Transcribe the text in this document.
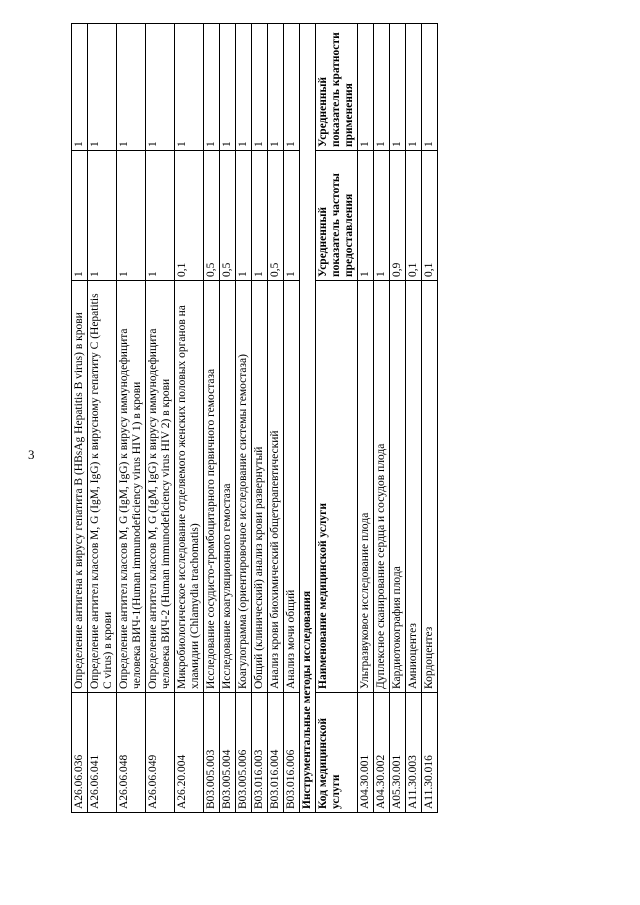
3
A26.06.036	Определение антигена к вирусу гепатита В (HBsAg Hepatitis В virus) в крови	1	1
A26.06.041	Определение антител классов M, G (IgM, IgG) к вирусному гепатиту С (Hepatitis C virus) в крови	1	1
A26.06.048	Определение антител классов M, G (IgM, IgG) к вирусу иммунодефицита человека ВИЧ-1(Human immunodeficiency virus HIV 1) в крови	1	1
A26.06.049	Определение антител классов M, G (IgM, IgG) к вирусу иммунодефицита человека ВИЧ-2 (Human immunodeficiency virus HIV 2) в крови	1	1
A26.20.004	Микробиологическое исследование отделяемого женских половых органов на хламидии (Chlamydia trachomatis)	0,1	1
B03.005.003	Исследование сосудисто-тромбоцитарного первичного гемостаза	0,5	1
B03.005.004	Исследование коагуляционного гемостаза	0,5	1
B03.005.006	Коагулограмма (ориентировочное исследование системы гемостаза)	1	1
B03.016.003	Общий (клинический) анализ крови развернутый	1	1
B03.016.004	Анализ крови биохимический общетерапевтический	0,5	1
B03.016.006	Анализ мочи общий	1	1
Инструментальные методы исследования			
Код медицинской услуги	Наименование медицинской услуги	Усредненный показатель частоты предоставления	Усредненный показатель кратности применения
A04.30.001	Ультразвуковое исследование плода	1	1
A04.30.002	Дуплексное сканирование сердца и сосудов плода	1	1
A05.30.001	Кардиотокография плода	0,9	1
A11.30.003	Амниоцентез	0,1	1
A11.30.016	Кордоцентез	0,1	1
